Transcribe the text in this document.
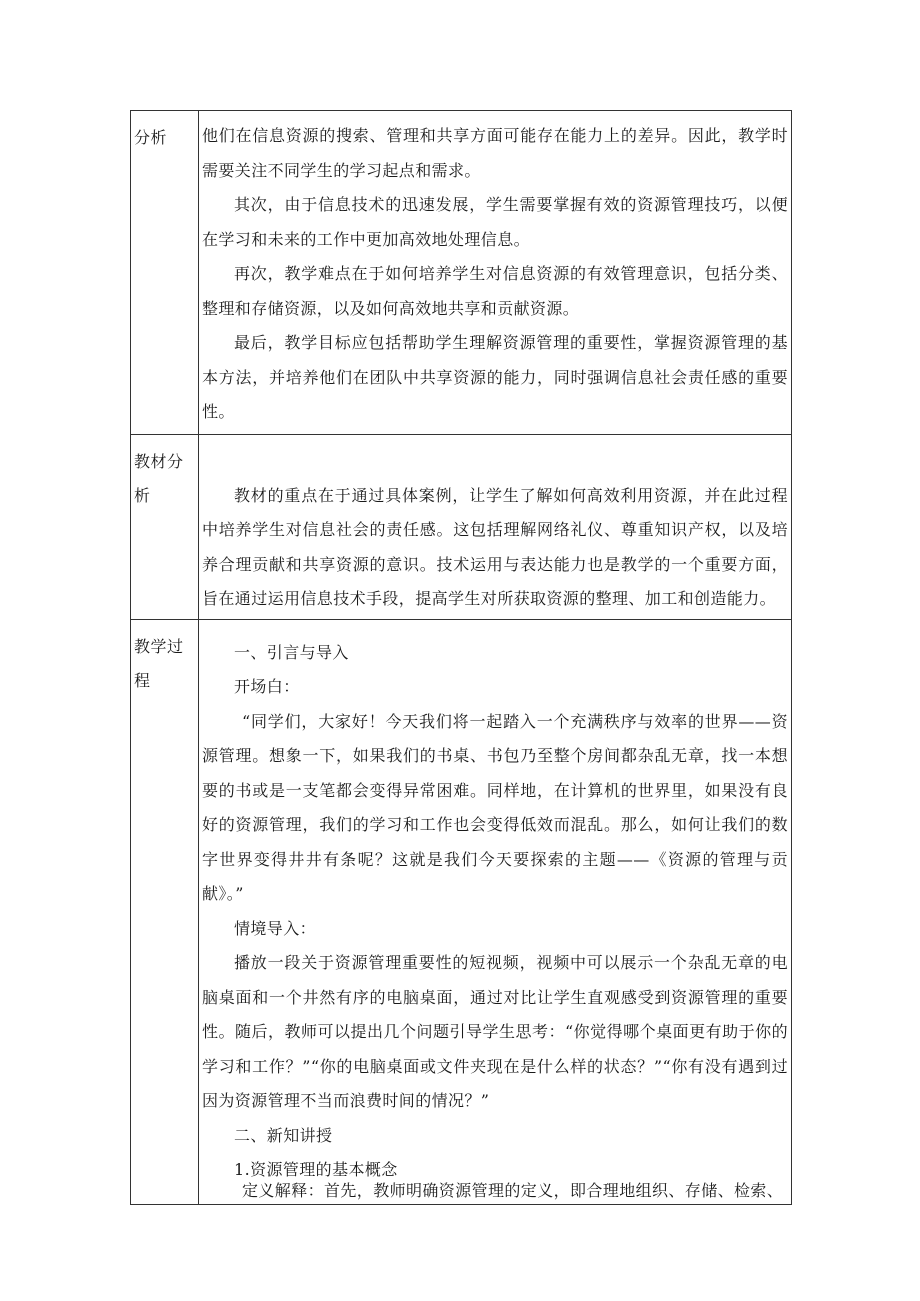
分析	他们在信息资源的搜索、管理和共享方面可能存在能力上的差异。因此，教学时需要关注不同学生的学习起点和需求。

其次，由于信息技术的迅速发展，学生需要掌握有效的资源管理技巧，以便在学习和未来的工作中更加高效地处理信息。

再次，教学难点在于如何培养学生对信息资源的有效管理意识，包括分类、整理和存储资源，以及如何高效地共享和贡献资源。

最后，教学目标应包括帮助学生理解资源管理的重要性，掌握资源管理的基本方法，并培养他们在团队中共享资源的能力，同时强调信息社会责任感的重要性。

教材分析	教材的重点在于通过具体案例，让学生了解如何高效利用资源，并在此过程中培养学生对信息社会的责任感。这包括理解网络礼仪、尊重知识产权，以及培养合理贡献和共享资源的意识。技术运用与表达能力也是教学的一个重要方面，旨在通过运用信息技术手段，提高学生对所获取资源的整理、加工和创造能力。

教学过程

一、引言与导入

开场白：

“同学们，大家好！今天我们将一起踏入一个充满秩序与效率的世界——资源管理。想象一下，如果我们的书桌、书包乃至整个房间都杂乱无章，找一本想要的书或是一支笔都会变得异常困难。同样地，在计算机的世界里，如果没有良好的资源管理，我们的学习和工作也会变得低效而混乱。那么，如何让我们的数字世界变得井井有条呢？这就是我们今天要探索的主题——《资源的管理与贡献》。”

情境导入：

播放一段关于资源管理重要性的短视频，视频中可以展示一个杂乱无章的电脑桌面和一个井然有序的电脑桌面，通过对比让学生直观感受到资源管理的重要性。随后，教师可以提出几个问题引导学生思考：“你觉得哪个桌面更有助于你的学习和工作？”“你的电脑桌面或文件夹现在是什么样的状态？”“你有没有遇到过因为资源管理不当而浪费时间的情况？”

二、新知讲授

1.资源管理的基本概念

定义解释：首先，教师明确资源管理的定义，即合理地组织、存储、检索、
